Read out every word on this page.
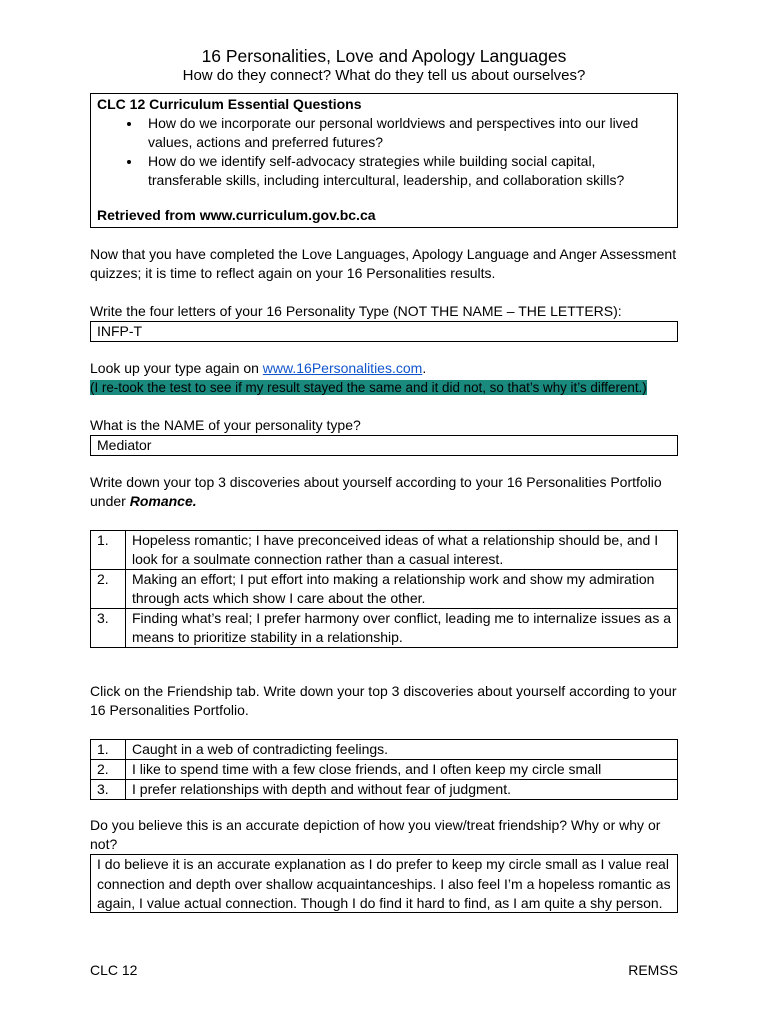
16 Personalities, Love and Apology Languages
How do they connect? What do they tell us about ourselves?
CLC 12 Curriculum Essential Questions
• How do we incorporate our personal worldviews and perspectives into our lived values, actions and preferred futures?
• How do we identify self-advocacy strategies while building social capital, transferable skills, including intercultural, leadership, and collaboration skills?
Retrieved from www.curriculum.gov.bc.ca
Now that you have completed the Love Languages, Apology Language and Anger Assessment quizzes; it is time to reflect again on your 16 Personalities results.
Write the four letters of your 16 Personality Type (NOT THE NAME – THE LETTERS):
INFP-T
Look up your type again on www.16Personalities.com.
(I re-took the test to see if my result stayed the same and it did not, so that’s why it’s different.)
What is the NAME of your personality type?
Mediator
Write down your top 3 discoveries about yourself according to your 16 Personalities Portfolio
under Romance.
1.	Hopeless romantic; I have preconceived ideas of what a relationship should be, and I look for a soulmate connection rather than a casual interest.
2.	Making an effort; I put effort into making a relationship work and show my admiration through acts which show I care about the other.
3.	Finding what’s real; I prefer harmony over conflict, leading me to internalize issues as a means to prioritize stability in a relationship.
Click on the Friendship tab. Write down your top 3 discoveries about yourself according to your 16 Personalities Portfolio.
1.	Caught in a web of contradicting feelings.
2.	I like to spend time with a few close friends, and I often keep my circle small
3.	I prefer relationships with depth and without fear of judgment.
Do you believe this is an accurate depiction of how you view/treat friendship? Why or why or not?
I do believe it is an accurate explanation as I do prefer to keep my circle small as I value real connection and depth over shallow acquaintanceships. I also feel I’m a hopeless romantic as again, I value actual connection. Though I do find it hard to find, as I am quite a shy person.
CLC 12	REMSS
